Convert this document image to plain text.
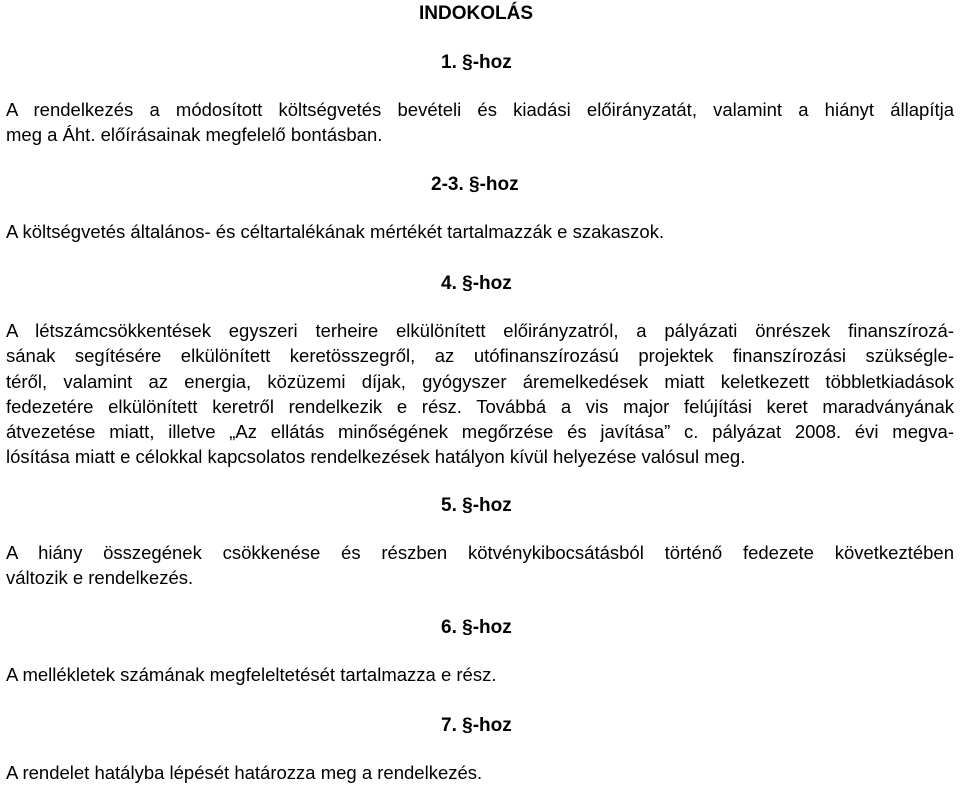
INDOKOLÁS
1. §-hoz
A rendelkezés a módosított költségvetés bevételi és kiadási előirányzatát, valamint a hiányt állapítja
meg a Áht. előírásainak megfelelő bontásban.
2-3. §-hoz
A költségvetés általános- és céltartalékának mértékét tartalmazzák e szakaszok.
4. §-hoz
A létszámcsökkentések egyszeri terheire elkülönített előirányzatról, a pályázati önrészek finanszírozá-
sának segítésére elkülönített keretösszegről, az utófinanszírozású projektek finanszírozási szükségle-
téről, valamint az energia, közüzemi díjak, gyógyszer áremelkedések miatt keletkezett többletkiadások
fedezetére elkülönített keretről rendelkezik e rész. Továbbá a vis major felújítási keret maradványának
átvezetése miatt, illetve „Az ellátás minőségének megőrzése és javítása” c. pályázat 2008. évi megva-
lósítása miatt e célokkal kapcsolatos rendelkezések hatályon kívül helyezése valósul meg.
5. §-hoz
A hiány összegének csökkenése és részben kötvénykibocsátásból történő fedezete következtében
változik e rendelkezés.
6. §-hoz
A mellékletek számának megfeleltetését tartalmazza e rész.
7. §-hoz
A rendelet hatályba lépését határozza meg a rendelkezés.
